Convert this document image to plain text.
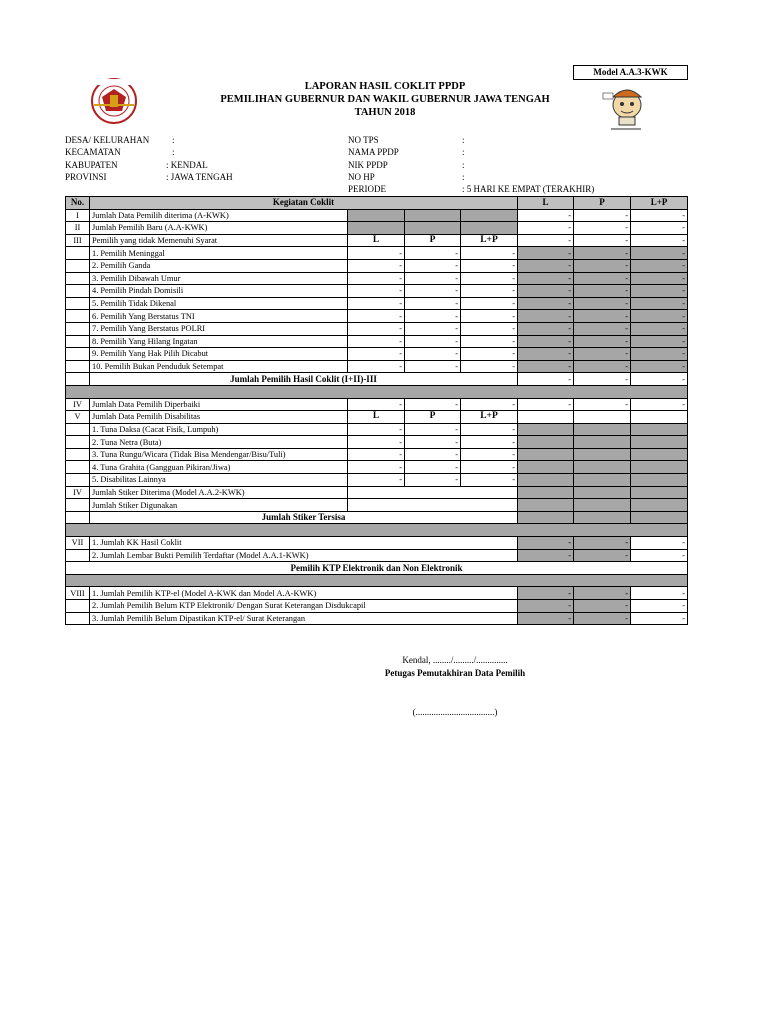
Model A.A.3-KWK
LAPORAN HASIL COKLIT PPDP
PEMILIHAN GUBERNUR DAN WAKIL GUBERNUR JAWA TENGAH
TAHUN 2018
DESA/ KELURAHAN	:
KECAMATAN	:
KABUPATEN	: KENDAL
PROVINSI	: JAWA TENGAH
NO TPS	:
NAMA PPDP	:
NIK PPDP	:
NO HP	:
PERIODE	: 5 HARI KE EMPAT (TERAKHIR)
No.	Kegiatan Coklit				L	P	L+P
I	Jumlah Data Pemilih diterima (A-KWK)				-	-	-
II	Jumlah Pemilih Baru (A.A-KWK)				-	-	-
III	Pemilih yang tidak Memenuhi Syarat	L	P	L+P	-	-	-
	1. Pemilih Meninggal	-	-	-	-	-	-
	2. Pemilih Ganda	-	-	-	-	-	-
	3. Pemilih Dibawah Umur	-	-	-	-	-	-
	4. Pemilih Pindah Domisili	-	-	-	-	-	-
	5. Pemilih Tidak Dikenal	-	-	-	-	-	-
	6. Pemilih Yang Berstatus TNI	-	-	-	-	-	-
	7. Pemilih Yang Berstatus POLRI	-	-	-	-	-	-
	8. Pemilih Yang Hilang Ingatan	-	-	-	-	-	-
	9. Pemilih Yang Hak Pilih Dicabut	-	-	-	-	-	-
	10. Pemilih Bukan Penduduk Setempat	-	-	-	-	-	-
	Jumlah Pemilih Hasil Coklit (I+II)-III				-	-	-

IV	Jumlah Data Pemilih Diperbaiki	-	-	-	-	-	-
V	Jumlah Data Pemilih Disabilitas	L	P	L+P			
	1. Tuna Daksa (Cacat Fisik, Lumpuh)	-	-	-			
	2. Tuna Netra (Buta)	-	-	-			
	3. Tuna Rungu/Wicara (Tidak Bisa Mendengar/Bisu/Tuli)	-	-	-			
	4. Tuna Grahita (Gangguan Pikiran/Jiwa)	-	-	-			
	5. Disabilitas Lainnya	-	-	-			
IV	Jumlah Stiker Diterima (Model A.A.2-KWK)						
	Jumlah Stiker Digunakan						
	Jumlah Stiker Tersisa						

VII	1. Jumlah KK Hasil Coklit				-	-	-
	2. Jumlah Lembar Bukti Pemilih Terdaftar (Model A.A.1-KWK)				-	-	-
Pemilih KTP Elektronik dan Non Elektronik							

VIII	1. Jumlah Pemilih KTP-el (Model A-KWK dan Model A.A-KWK)				-	-	-
	2. Jumlah Pemilih Belum KTP Elektronik/ Dengan Surat Keterangan Disdukcapil				-	-	-
	3. Jumlah Pemilih Belum Dipastikan KTP-el/ Surat Keterangan				-	-	-
Kendal, ......../........./..............
Petugas Pemutakhiran Data Pemilih
(...................................)
